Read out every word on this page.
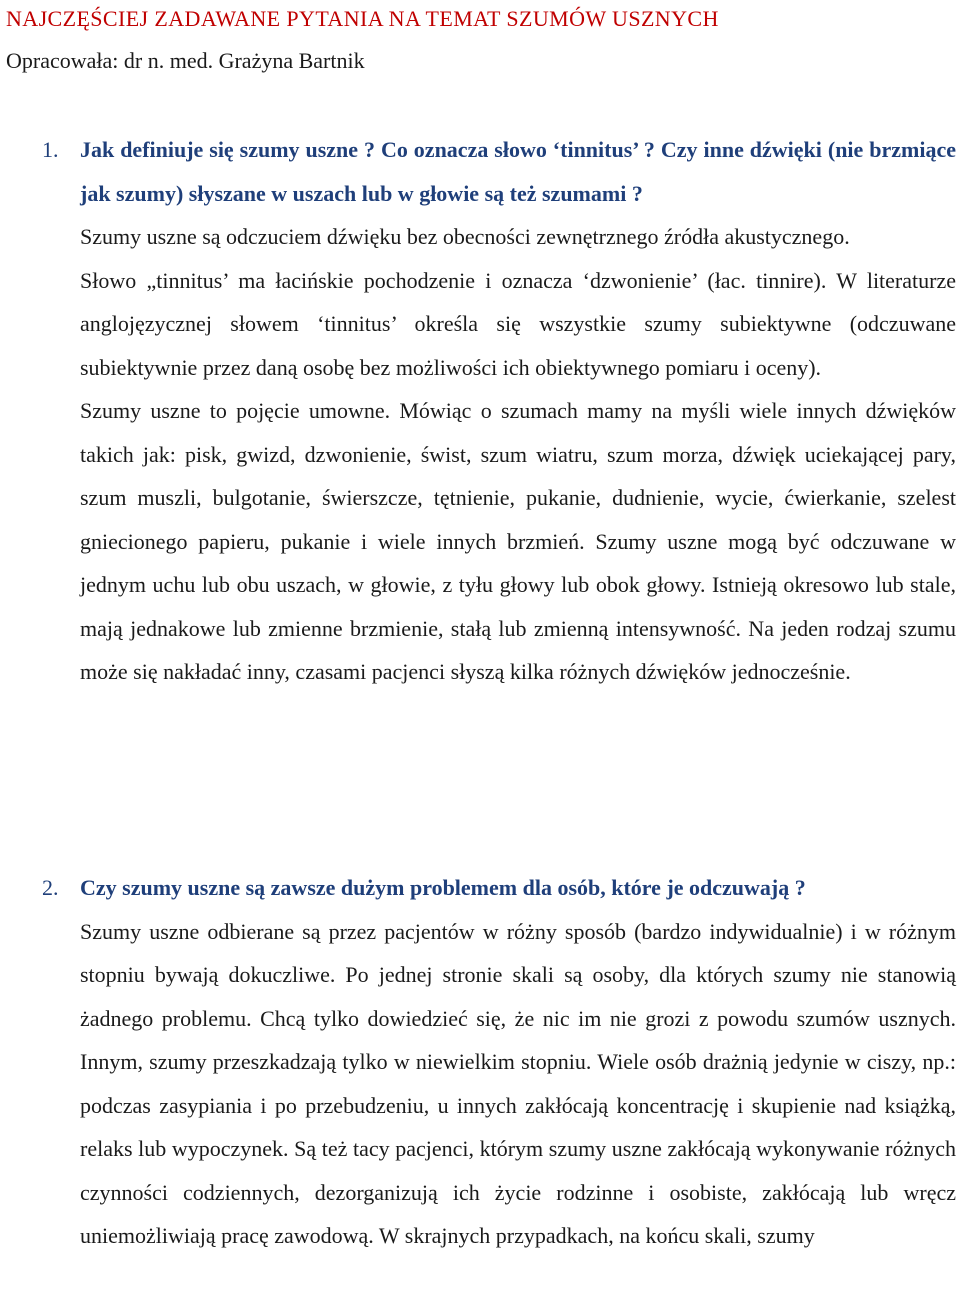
NAJCZĘŚCIEJ ZADAWANE PYTANIA NA TEMAT SZUMÓW USZNYCH

Opracowała: dr n. med. Grażyna Bartnik

1. Jak definiuje się szumy uszne ? Co oznacza słowo ‘tinnitus’ ? Czy inne dźwięki (nie brzmiące jak szumy) słyszane w uszach lub w głowie są też szumami ?

Szumy uszne są odczuciem dźwięku bez obecności zewnętrznego źródła akustycznego.

Słowo „tinnitus’ ma łacińskie pochodzenie i oznacza ‘dzwonienie’ (łac. tinnire). W literaturze anglojęzycznej słowem ‘tinnitus’ określa się wszystkie szumy subiektywne (odczuwane subiektywnie przez daną osobę bez możliwości ich obiektywnego pomiaru i oceny).

Szumy uszne to pojęcie umowne. Mówiąc o szumach mamy na myśli wiele innych dźwięków takich jak: pisk, gwizd, dzwonienie, świst, szum wiatru, szum morza, dźwięk uciekającej pary, szum muszli, bulgotanie, świerszcze, tętnienie, pukanie, dudnienie, wycie, ćwierkanie, szelest gniecionego papieru, pukanie i wiele innych brzmień. Szumy uszne mogą być odczuwane w jednym uchu lub obu uszach, w głowie, z tyłu głowy lub obok głowy. Istnieją okresowo lub stale, mają jednakowe lub zmienne brzmienie, stałą lub zmienną intensywność. Na jeden rodzaj szumu może się nakładać inny, czasami pacjenci słyszą kilka różnych dźwięków jednocześnie.

2. Czy szumy uszne są zawsze dużym problemem dla osób, które je odczuwają ?

Szumy uszne odbierane są przez pacjentów w różny sposób (bardzo indywidualnie) i w różnym stopniu bywają dokuczliwe. Po jednej stronie skali są osoby, dla których szumy nie stanowią żadnego problemu. Chcą tylko dowiedzieć się, że nic im nie grozi z powodu szumów usznych. Innym, szumy przeszkadzają tylko w niewielkim stopniu. Wiele osób drażnią jedynie w ciszy, np.: podczas zasypiania i po przebudzeniu, u innych zakłócają koncentrację i skupienie nad książką, relaks lub wypoczynek. Są też tacy pacjenci, którym szumy uszne zakłócają wykonywanie różnych czynności codziennych, dezorganizują ich życie rodzinne i osobiste, zakłócają lub wręcz uniemożliwiają pracę zawodową. W skrajnych przypadkach, na końcu skali, szumy
